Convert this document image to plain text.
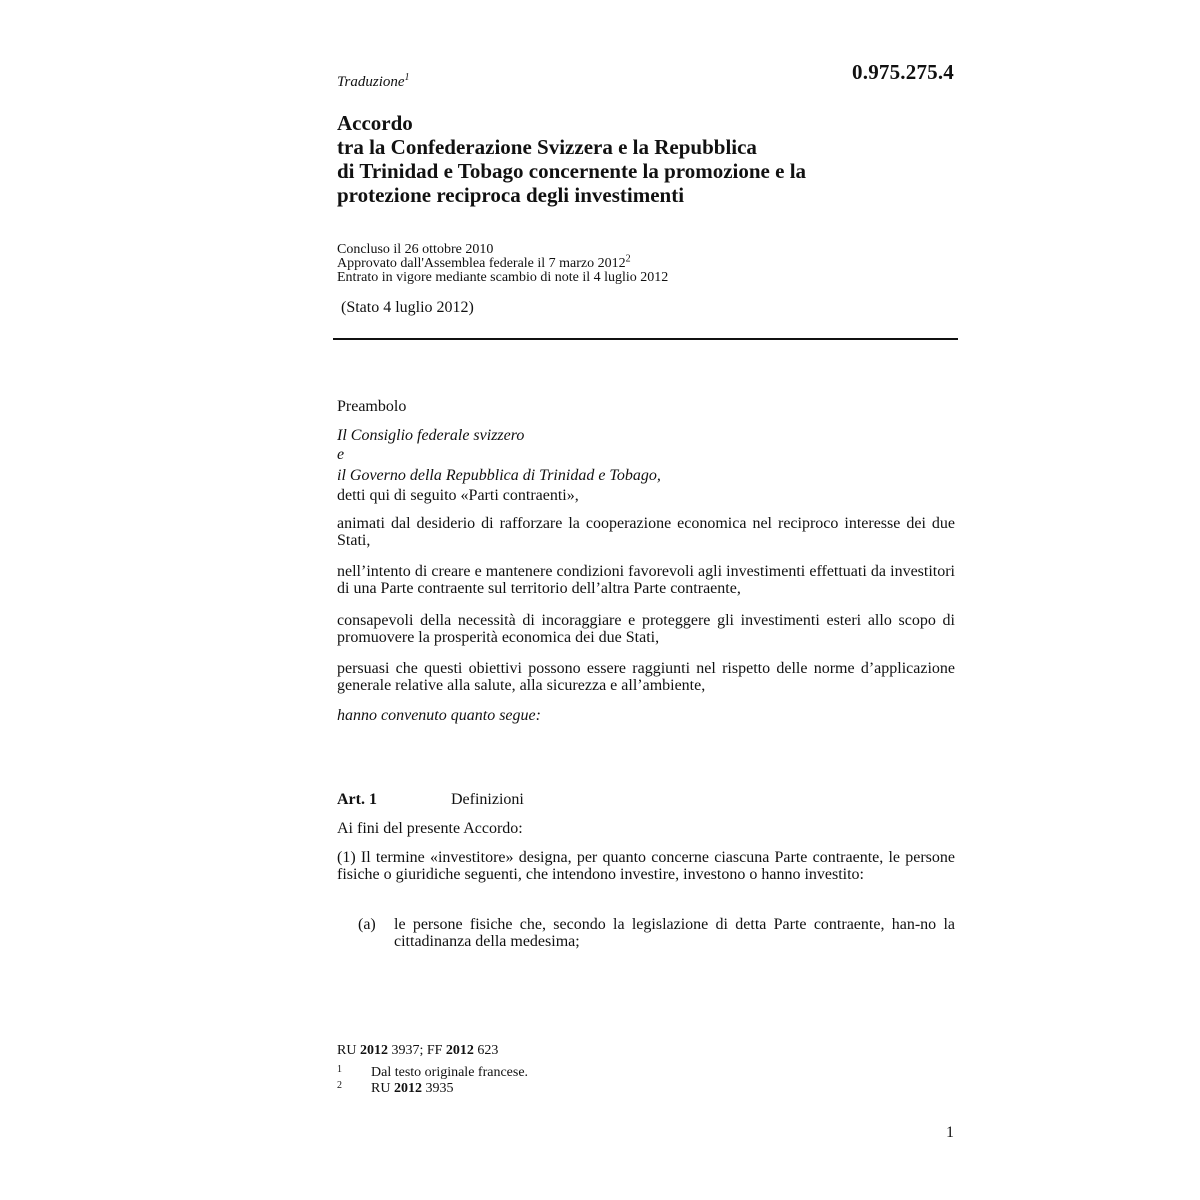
0.975.275.4
Traduzione$^1$
Accordo
tra la Confederazione Svizzera e la Repubblica
di Trinidad e Tobago concernente la promozione e la
protezione reciproca degli investimenti
Concluso il 26 ottobre 2010
Approvato dall'Assemblea federale il 7 marzo 2012$^2$
Entrato in vigore mediante scambio di note il 4 luglio 2012
(Stato 4 luglio 2012)
Preambolo
Il Consiglio federale svizzero
e
il Governo della Repubblica di Trinidad e Tobago,
detti qui di seguito «Parti contraenti»,
animati dal desiderio di rafforzare la cooperazione economica nel reciproco interesse dei due Stati,
nell’intento di creare e mantenere condizioni favorevoli agli investimenti effettuati da investitori di una Parte contraente sul territorio dell’altra Parte contraente,
consapevoli della necessità di incoraggiare e proteggere gli investimenti esteri allo scopo di promuovere la prosperità economica dei due Stati,
persuasi che questi obiettivi possono essere raggiunti nel rispetto delle norme d’applicazione generale relative alla salute, alla sicurezza e all’ambiente,
hanno convenuto quanto segue:
Art. 1	Definizioni
Ai fini del presente Accordo:
(1) Il termine «investitore» designa, per quanto concerne ciascuna Parte contraente, le persone fisiche o giuridiche seguenti, che intendono investire, investono o hanno investito:
(a) le persone fisiche che, secondo la legislazione di detta Parte contraente, han-no la cittadinanza della medesima;
RU 2012 3937; FF 2012 623
1 Dal testo originale francese.
2 RU 2012 3935
1
